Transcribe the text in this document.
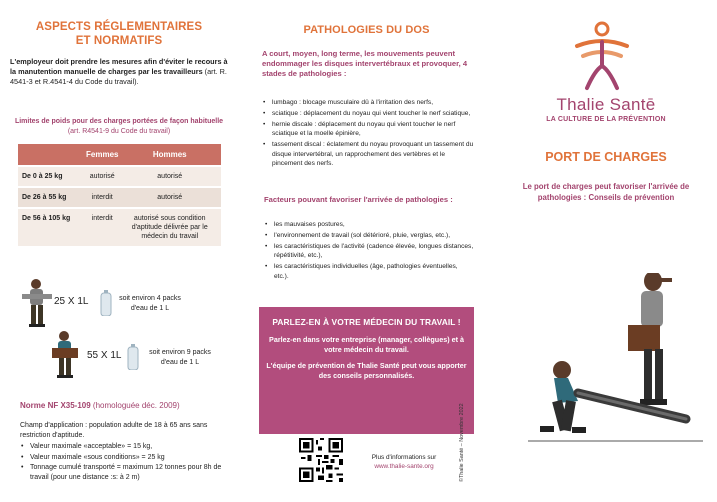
ASPECTS RÉGLEMENTAIRES
ET NORMATIFS

L'employeur doit prendre les mesures afin d'éviter le recours à la manutention manuelle de charges par les travailleurs (art. R. 4541-3 et R.4541-4 du Code du travail).

Limites de poids pour des charges portées de façon habituelle (art. R4541-9 du Code du travail)

	Femmes	Hommes
De 0 à 25 kg	autorisé	autorisé
De 26 à 55 kg	interdit	autorisé
De 56 à 105 kg	interdit	autorisé sous condition d'aptitude délivrée par le médecin du travail
25 X 1L	soit environ 4 packs d'eau de 1 L
55 X 1L	soit environ 9 packs d'eau de 1 L
Norme NF X35-109 (homologuée déc. 2009)

Champ d'application : population adulte de 18 à 65 ans sans restriction d'aptitude.

• Valeur maximale «acceptable» = 15 kg,
• Valeur maximale «sous conditions» = 25 kg
• Tonnage cumulé transporté = maximum 12 tonnes pour 8h de travail (pour une distance :s: à 2 m)
PATHOLOGIES DU DOS

A court, moyen, long terme, les mouvements peuvent endommager les disques intervertébraux et provoquer, 4 stades de pathologies :

• lumbago : blocage musculaire dû à l'irritation des nerfs,
• sciatique : déplacement du noyau qui vient toucher le nerf sciatique,
• hernie discale : déplacement du noyau qui vient toucher le nerf sciatique et la moelle épinière,
• tassement discal : éclatement du noyau provoquant un tassement du disque intervertébral, un rapprochement des vertèbres et le pincement des nerfs.

Facteurs pouvant favoriser l'arrivée de pathologies :

• les mauvaises postures,
• l'environnement de travail (sol détérioré, pluie, verglas, etc.),
• les caractéristiques de l'activité (cadence élevée, longues distances, répétitivité, etc.),
• les caractéristiques individuelles (âge, pathologies éventuelles, etc.).
PARLEZ-EN À VOTRE MÉDECIN DU TRAVAIL !
Parlez-en dans votre entreprise (manager, collègues) et à votre médecin du travail.
L'équipe de prévention de Thalie Santé peut vous apporter des conseils personnalisés.
Plus d'informations sur
www.thalie-sante.org	©Thalie Santé – Novembre 2022
Thalie Santē
LA CULTURE DE LA PRÉVENTION
PORT DE CHARGES
Le port de charges peut favoriser l'arrivée de pathologies : Conseils de prévention
